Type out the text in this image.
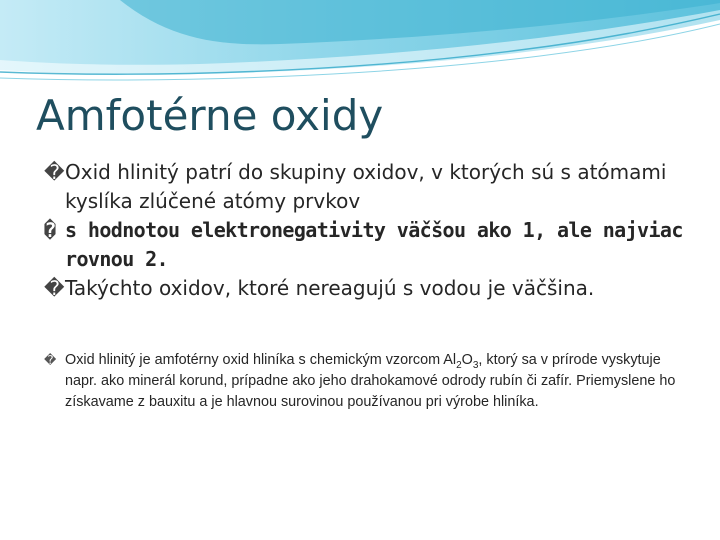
Amfotérne oxidy
� Oxid hlinitý patrí do skupiny oxidov, v ktorých sú s atómami kyslíka zlúčené atómy prvkov
� s hodnotou elektronegativity väčšou ako 1, ale najviac rovnou 2.
� Takýchto oxidov, ktoré nereagujú s vodou je väčšina.
� Oxid hlinitý je amfotérny oxid hliníka s chemickým vzorcom $Al_2O_3$, ktorý sa v prírode vyskytuje napr. ako minerál korund, prípadne ako jeho drahokamové odrody rubín či zafír. Priemyslene ho získavame z bauxitu a je hlavnou surovinou používanou pri výrobe hliníka.
